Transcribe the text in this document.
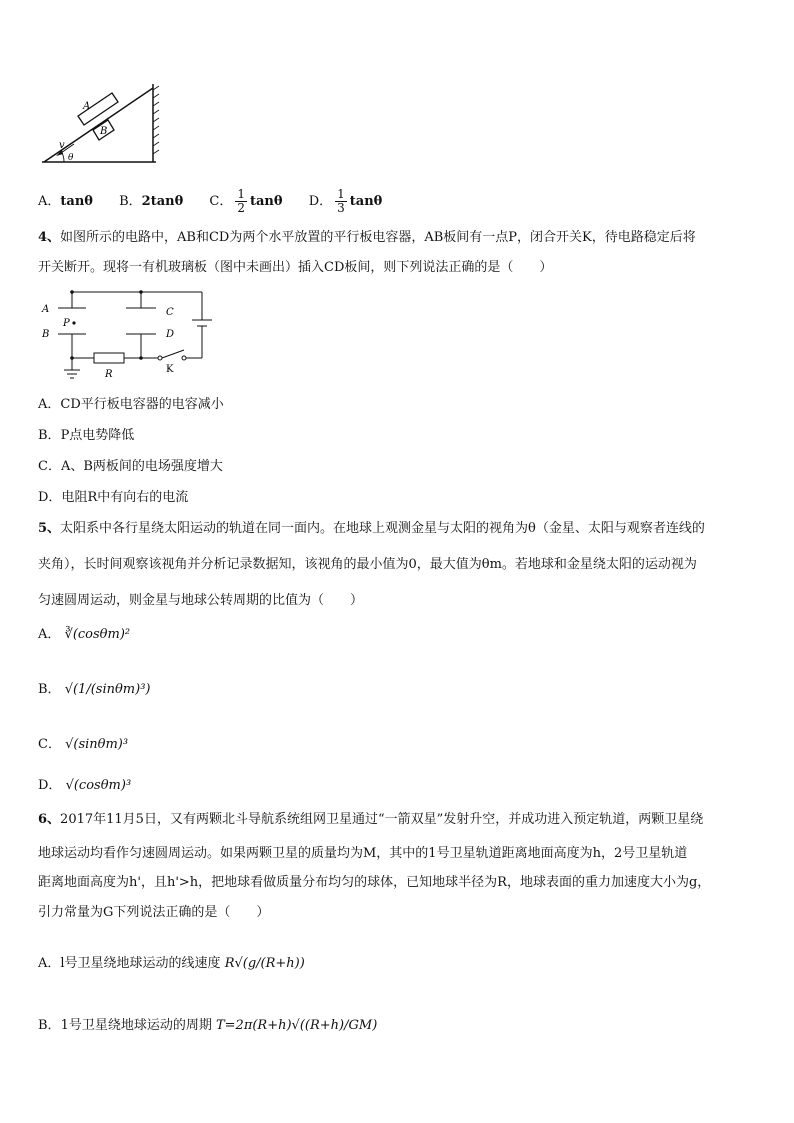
A
B
v
θ
A．tanθ B．2tanθ C． $\frac{1}{2}$ tanθ D． $\frac{1}{3}$ tanθ
4、如图所示的电路中，AB和CD为两个水平放置的平行板电容器，AB板间有一点P，闭合开关K，待电路稳定后将
开关断开。现将一有机玻璃板（图中未画出）插入CD板间，则下列说法正确的是（　　）
A
P
B
C
D
R	K
A．CD平行板电容器的电容减小
B．P点电势降低
C．A、B两板间的电场强度增大
D．电阻R中有向右的电流
5、太阳系中各行星绕太阳运动的轨道在同一面内。在地球上观测金星与太阳的视角为θ（金星、太阳与观察者连线的
夹角），长时间观察该视角并分析记录数据知，该视角的最小值为0，最大值为θm。若地球和金星绕太阳的运动视为
匀速圆周运动，则金星与地球公转周期的比值为（　　）
A． ∛(cosθm)²
B． √(1/(sinθm)³)
C． √(sinθm)³
D． √(cosθm)³
6、2017年11月5日，又有两颗北斗导航系统组网卫星通过“一箭双星”发射升空，并成功进入预定轨道，两颗卫星绕
地球运动均看作匀速圆周运动。如果两颗卫星的质量均为M，其中的1号卫星轨道距离地面高度为h，2号卫星轨道
距离地面高度为h'，且h'>h，把地球看做质量分布均匀的球体，已知地球半径为R，地球表面的重力加速度大小为g，
引力常量为G下列说法正确的是（　　）
A．l号卫星绕地球运动的线速度 R√(g/(R+h))
B．1号卫星绕地球运动的周期 T=2π(R+h)√((R+h)/GM)
